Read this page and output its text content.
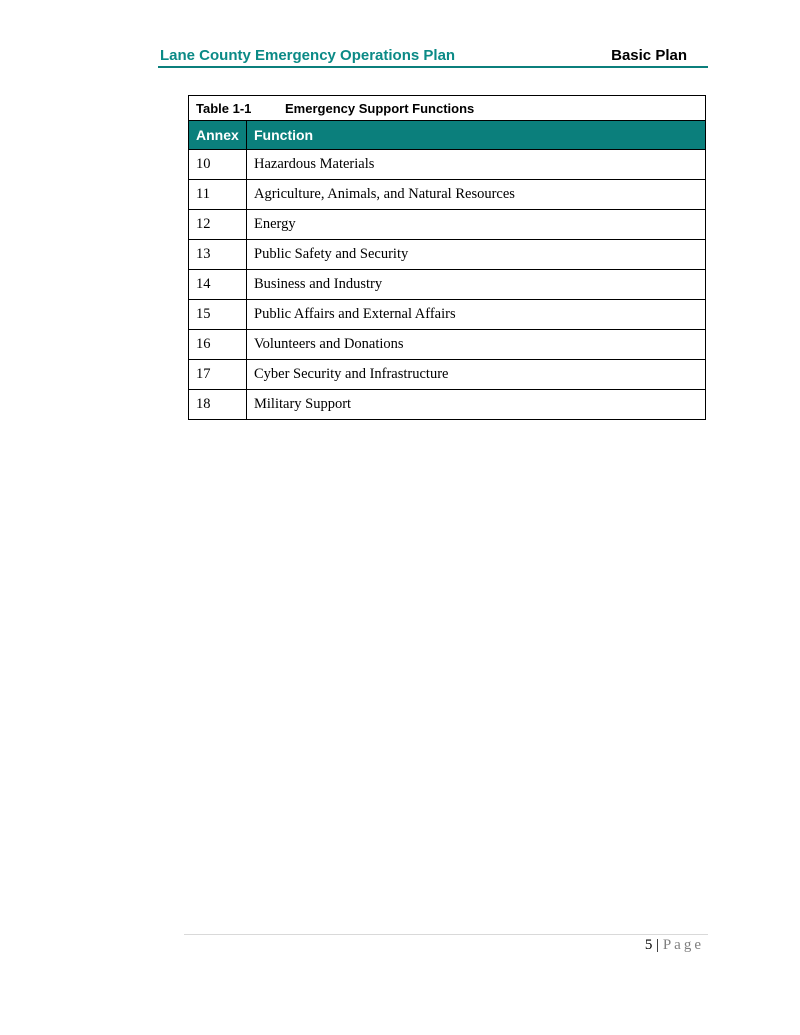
Lane County Emergency Operations Plan	Basic Plan
Table 1-1 Emergency Support Functions	
Annex	Function
10	Hazardous Materials
11	Agriculture, Animals, and Natural Resources
12	Energy
13	Public Safety and Security
14	Business and Industry
15	Public Affairs and External Affairs
16	Volunteers and Donations
17	Cyber Security and Infrastructure
18	Military Support
5 | Page
